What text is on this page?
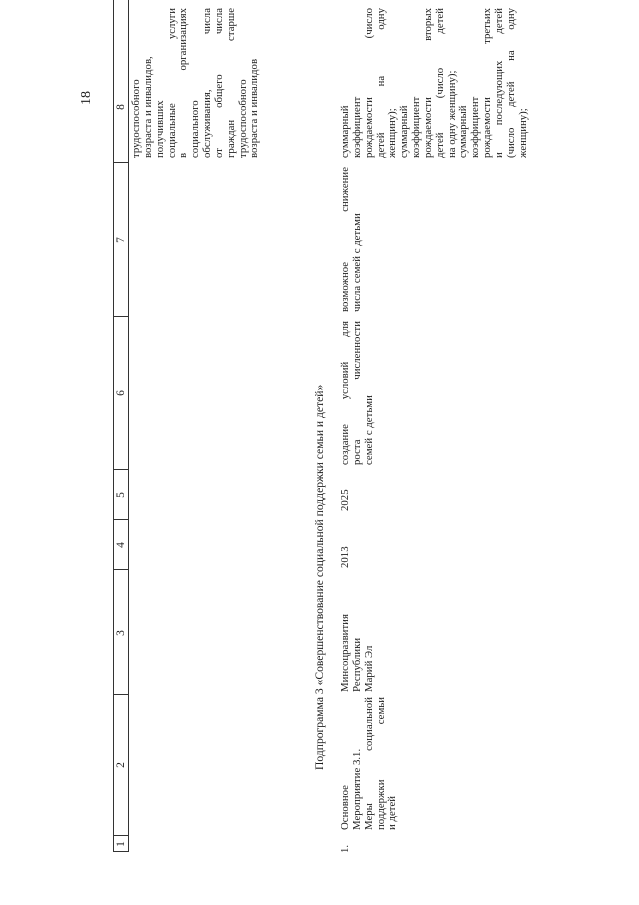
18
1
2
3
4
5
6
7
8 трудоспособного возраста и инвалидов, получивших социальные услуги в организациях социального обслуживания, числа от общего числа граждан старше трудоспособного возраста и инвалидов

Подпрограмма 3 «Совершенствование социальной поддержки семьи и детей»
1.

Основное Мероприятие 3.1. Меры социальной поддержки семьи и детей

Минсоцразвития Республики Марий Эл

2013
2025

создание условий для роста численности семей с детьми

возможное снижение числа семей с детьми

суммарный коэффициент рождаемости (число детей на одну женщину); суммарный коэффициент рождаемости вторых детей (число детей на одну женщину); суммарный коэффициент рождаемости третьих и последующих детей (число детей на одну женщину);
